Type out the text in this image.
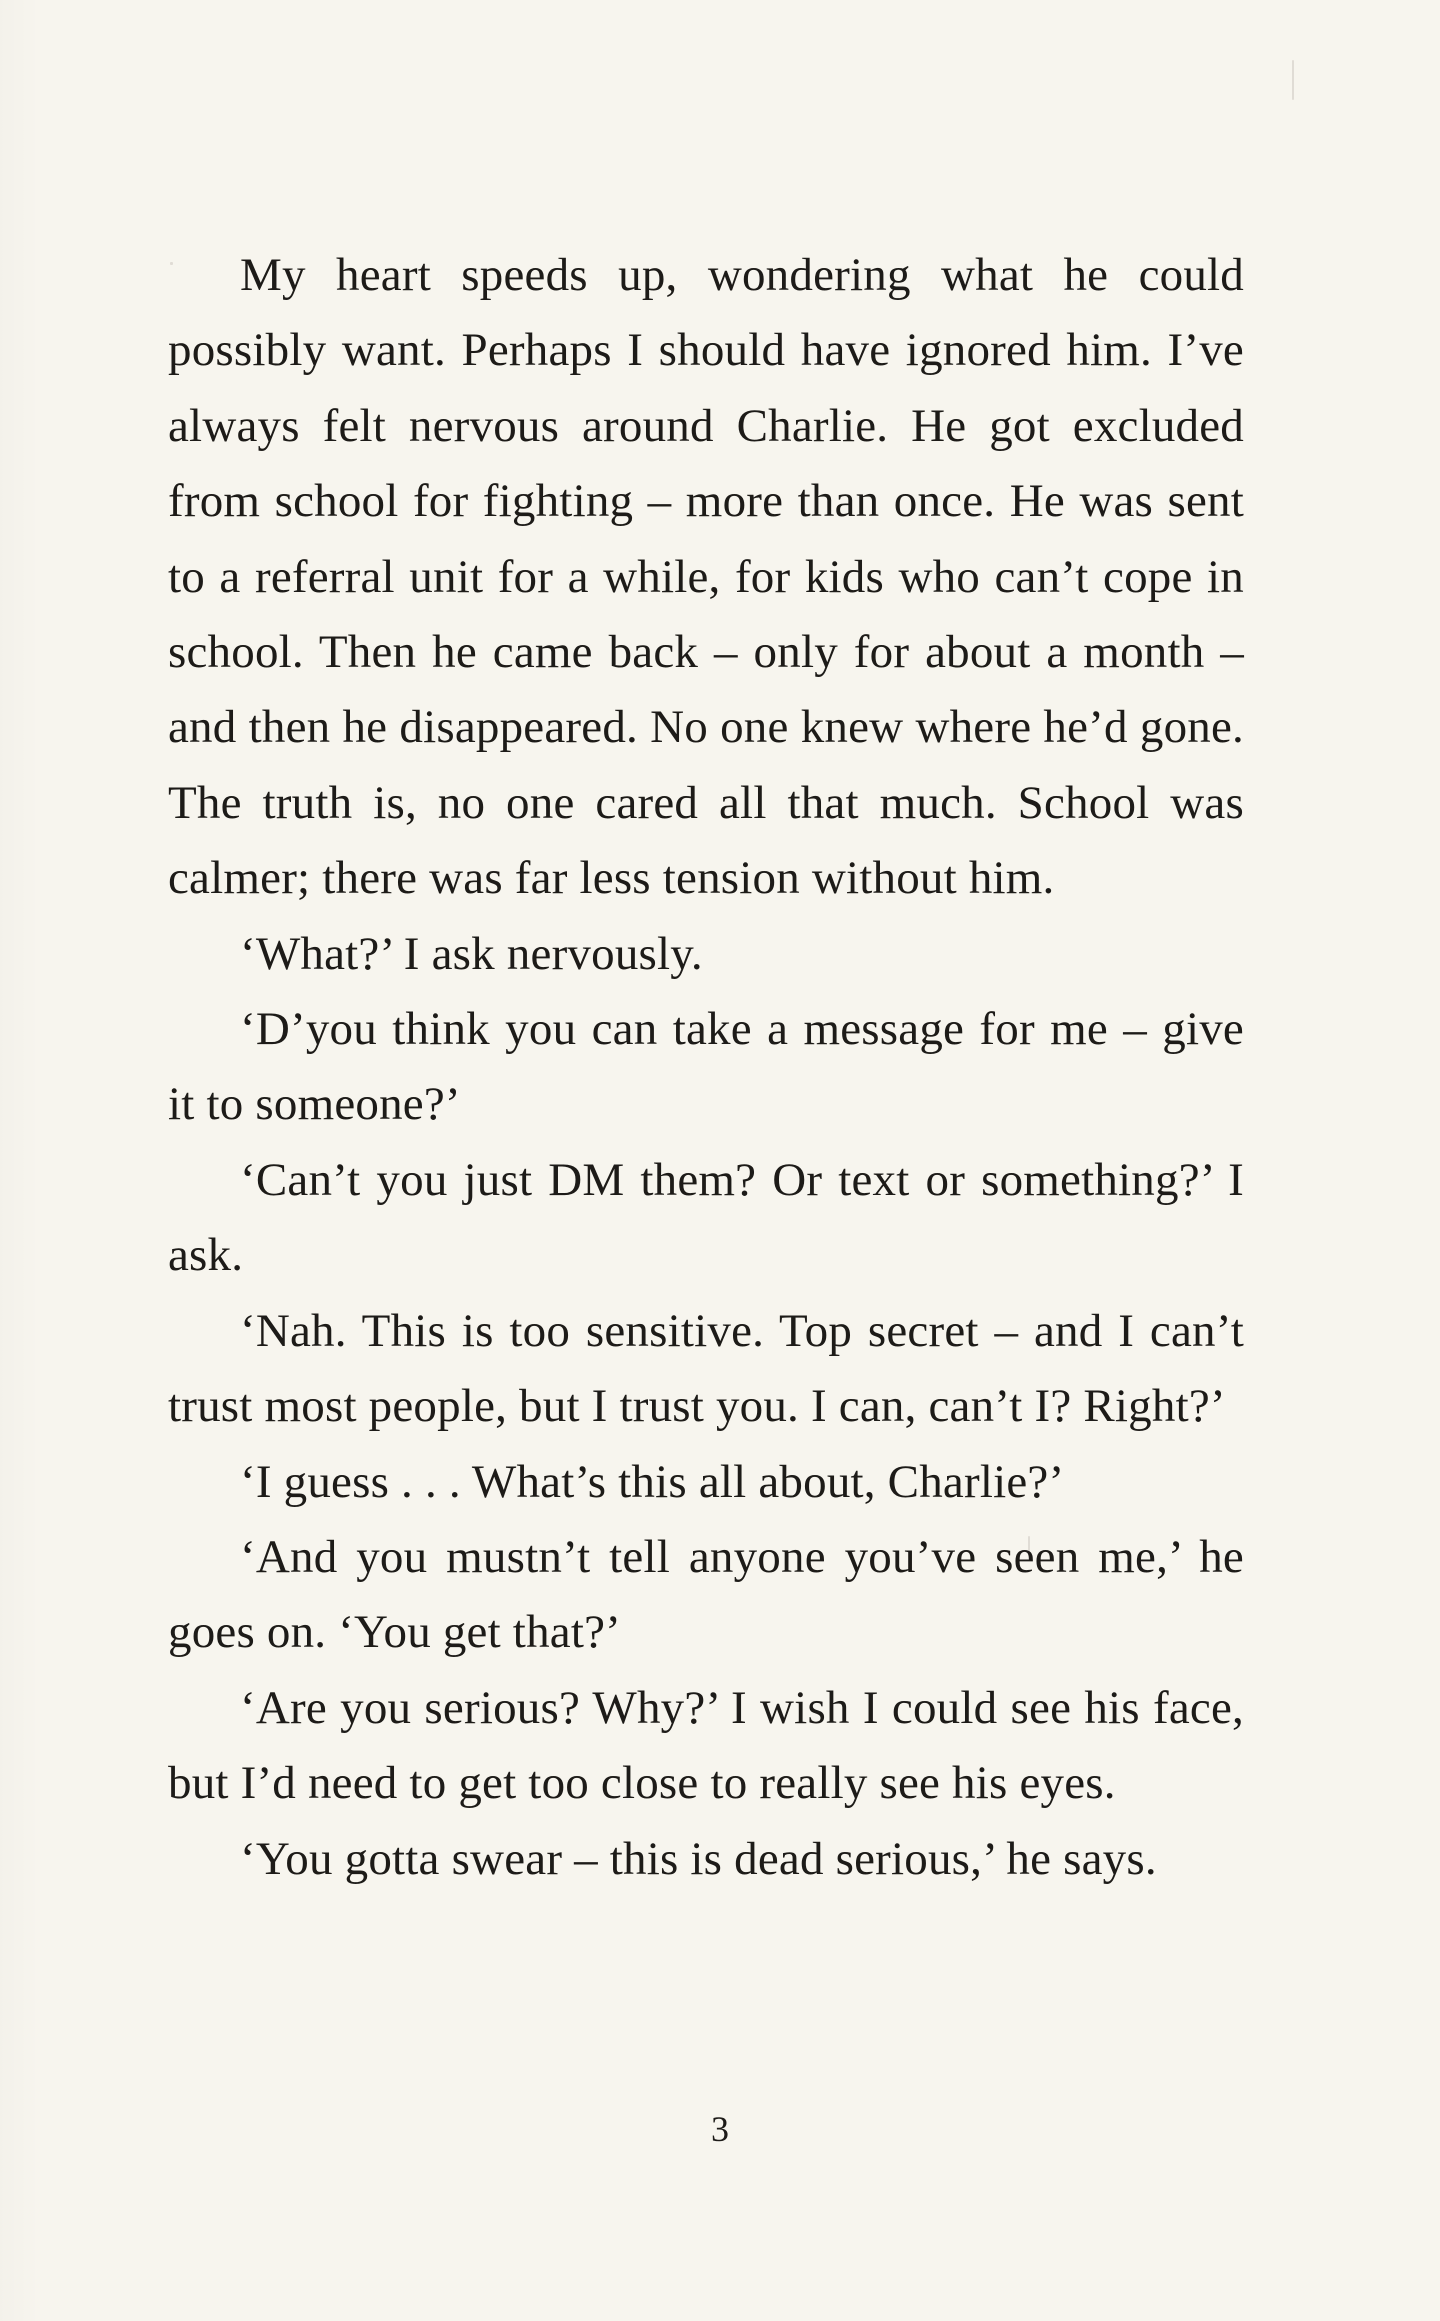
My heart speeds up, wondering what he could possibly want. Perhaps I should have ignored him. I’ve always felt nervous around Charlie. He got excluded from school for fighting – more than once. He was sent to a referral unit for a while, for kids who can’t cope in school. Then he came back – only for about a month – and then he disappeared. No one knew where he’d gone. The truth is, no one cared all that much. School was calmer; there was far less tension without him.

‘What?’ I ask nervously.

‘D’you think you can take a message for me – give it to someone?’

‘Can’t you just DM them? Or text or something?’ I ask.

‘Nah. This is too sensitive. Top secret – and I can’t trust most people, but I trust you. I can, can’t I? Right?’

‘I guess . . . What’s this all about, Charlie?’

‘And you mustn’t tell anyone you’ve seen me,’ he goes on. ‘You get that?’

‘Are you serious? Why?’ I wish I could see his face, but I’d need to get too close to really see his eyes.

‘You gotta swear – this is dead serious,’ he says.

3
